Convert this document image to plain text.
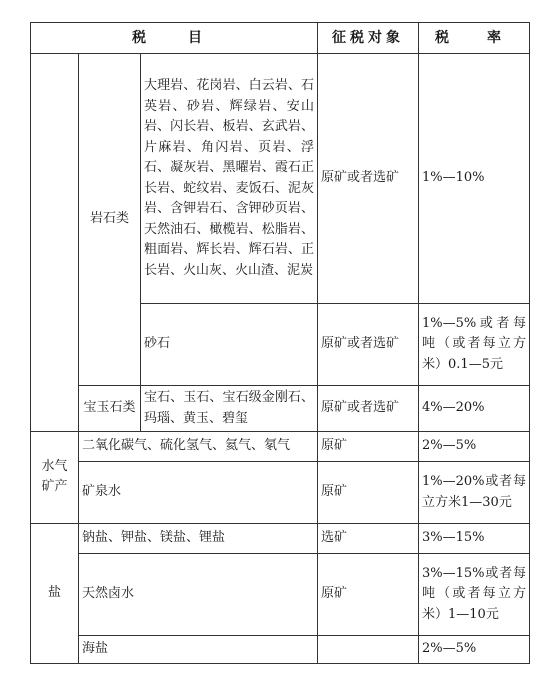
税　目			征税对象	税　率
	岩石类	大理岩、花岗岩、白云岩、石英岩、砂岩、辉绿岩、安山岩、闪长岩、板岩、玄武岩、片麻岩、角闪岩、页岩、浮石、凝灰岩、黑曜岩、霞石正长岩、蛇纹岩、麦饭石、泥灰岩、含钾岩石、含钾砂页岩、天然油石、橄榄岩、松脂岩、粗面岩、辉长岩、辉石岩、正长岩、火山灰、火山渣、泥炭	原矿或者选矿	1%—10%
		砂石	原矿或者选矿	1%—5%或者每吨（或者每立方米）0.1—5元
	宝玉石类	宝石、玉石、宝石级金刚石、玛瑙、黄玉、碧玺	原矿或者选矿	4%—20%
水气矿产	二氧化碳气、硫化氢气、氦气、氡气		原矿	2%—5%
	矿泉水		原矿	1%—20%或者每立方米1—30元
盐	钠盐、钾盐、镁盐、锂盐		选矿	3%—15%
	天然卤水		原矿	3%—15%或者每吨（或者每立方米）1—10元
	海盐			2%—5%
